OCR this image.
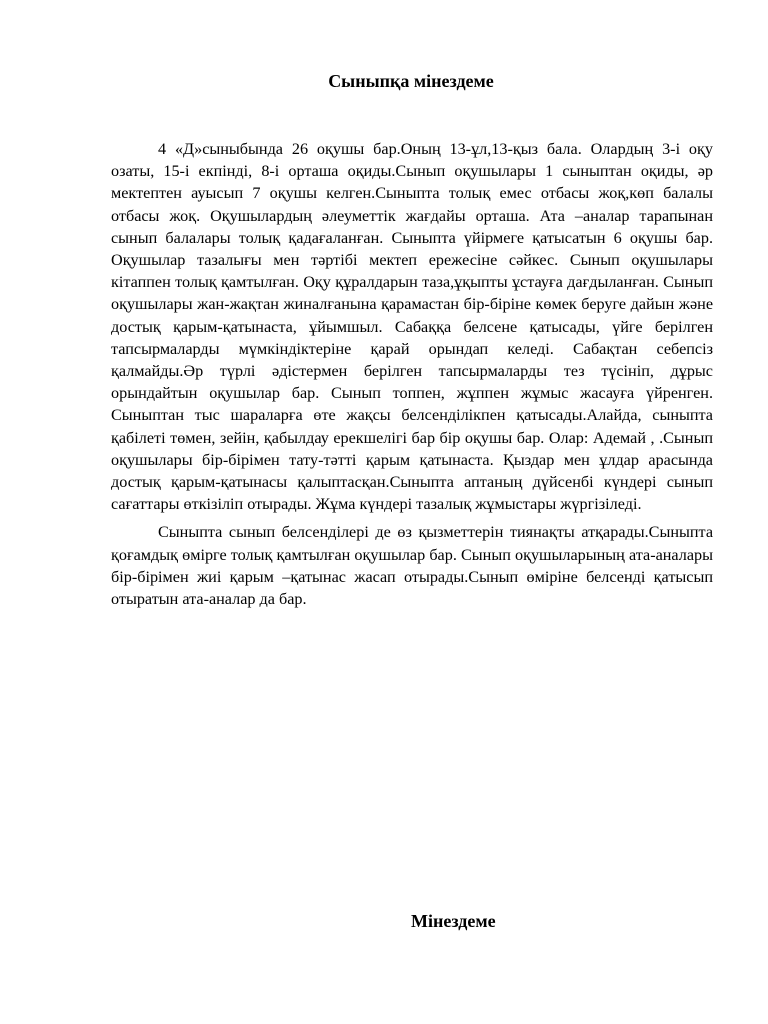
Сыныпқа мінездеме

4 «Д»сыныбында 26 оқушы бар.Оның 13-ұл,13-қыз бала. Олардың 3-і оқу озаты, 15-і екпінді, 8-і орташа оқиды.Сынып оқушылары 1 сыныптан оқиды, әр мектептен ауысып 7 оқушы келген.Сыныпта толық емес отбасы жоқ,көп балалы отбасы жоқ. Оқушылардың әлеуметтік жағдайы орташа. Ата –аналар тарапынан сынып балалары толық қадағаланған. Сыныпта үйірмеге қатысатын 6 оқушы бар. Оқушылар тазалығы мен тәртібі мектеп ережесіне сәйкес. Сынып оқушылары кітаппен толық қамтылған. Оқу құралдарын таза,ұқыпты ұстауға дағдыланған. Сынып оқушылары жан-жақтан жиналғанына қарамастан бір-біріне көмек беруге дайын және достық қарым-қатынаста, ұйымшыл. Сабаққа белсене қатысады, үйге берілген тапсырмаларды мүмкіндіктеріне қарай орындап келеді. Сабақтан себепсіз қалмайды.Әр түрлі әдістермен берілген тапсырмаларды тез түсініп, дұрыс орындайтын оқушылар бар. Сынып топпен, жұппен жұмыс жасауға үйренген. Сыныптан тыс шараларға өте жақсы белсенділікпен қатысады.Алайда, сыныпта қабілеті төмен, зейін, қабылдау ерекшелігі бар бір оқушы бар. Олар: Адемай , .Сынып оқушылары бір-бірімен тату-тәтті қарым қатынаста. Қыздар мен ұлдар арасында достық қарым-қатынасы қалыптасқан.Сыныпта аптаның дүйсенбі күндері сынып сағаттары өткізіліп отырады. Жұма күндері тазалық жұмыстары жүргізіледі.

Сыныпта сынып белсенділері де өз қызметтерін тиянақты атқарады.Сыныпта қоғамдық өмірге толық қамтылған оқушылар бар. Сынып оқушыларының ата-аналары бір-бірімен жиі қарым –қатынас жасап отырады.Сынып өміріне белсенді қатысып отыратын ата-аналар да бар.

Мінездеме
